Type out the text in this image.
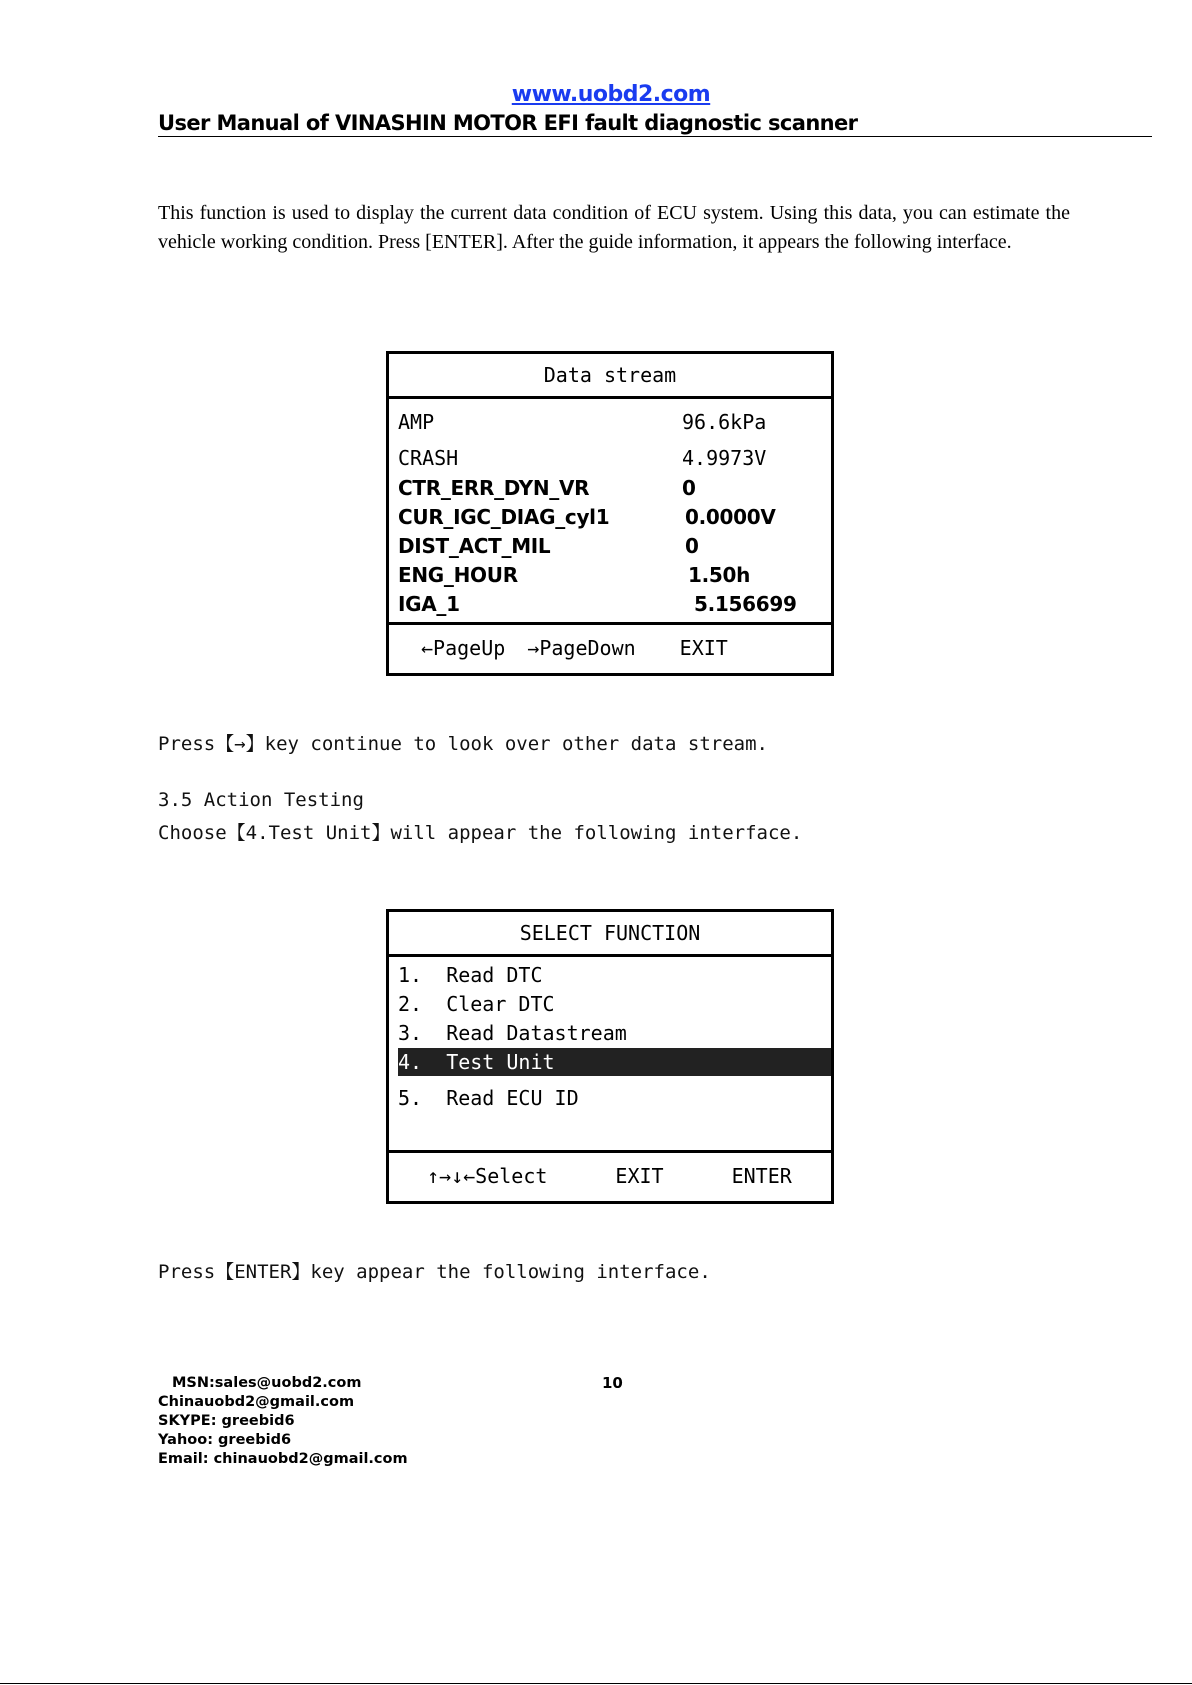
www.uobd2.com
User Manual of VINASHIN MOTOR EFI fault diagnostic scanner
This function is used to display the current data condition of ECU system. Using this data, you can estimate the vehicle working condition. Press [ENTER]. After the guide information, it appears the following interface.
Data stream
AMP	96.6kPa
CRASH	4.9973V
CTR_ERR_DYN_VR	0
CUR_IGC_DIAG_cyl1	0.0000V
DIST_ACT_MIL	0
ENG_HOUR	1.50h
IGA_1	5.156699
←PageUp →PageDown EXIT
Press【→】key continue to look over other data stream.
3.5 Action Testing
Choose【4.Test Unit】will appear the following interface.
SELECT FUNCTION
1. Read DTC
2. Clear DTC
3. Read Datastream
4. Test Unit
5. Read ECU ID
↑→↓←Select	EXIT	ENTER
Press【ENTER】key appear the following interface.
10
MSN:sales@uobd2.com
Chinauobd2@gmail.com
SKYPE: greebid6
Yahoo: greebid6
Email: chinauobd2@gmail.com
